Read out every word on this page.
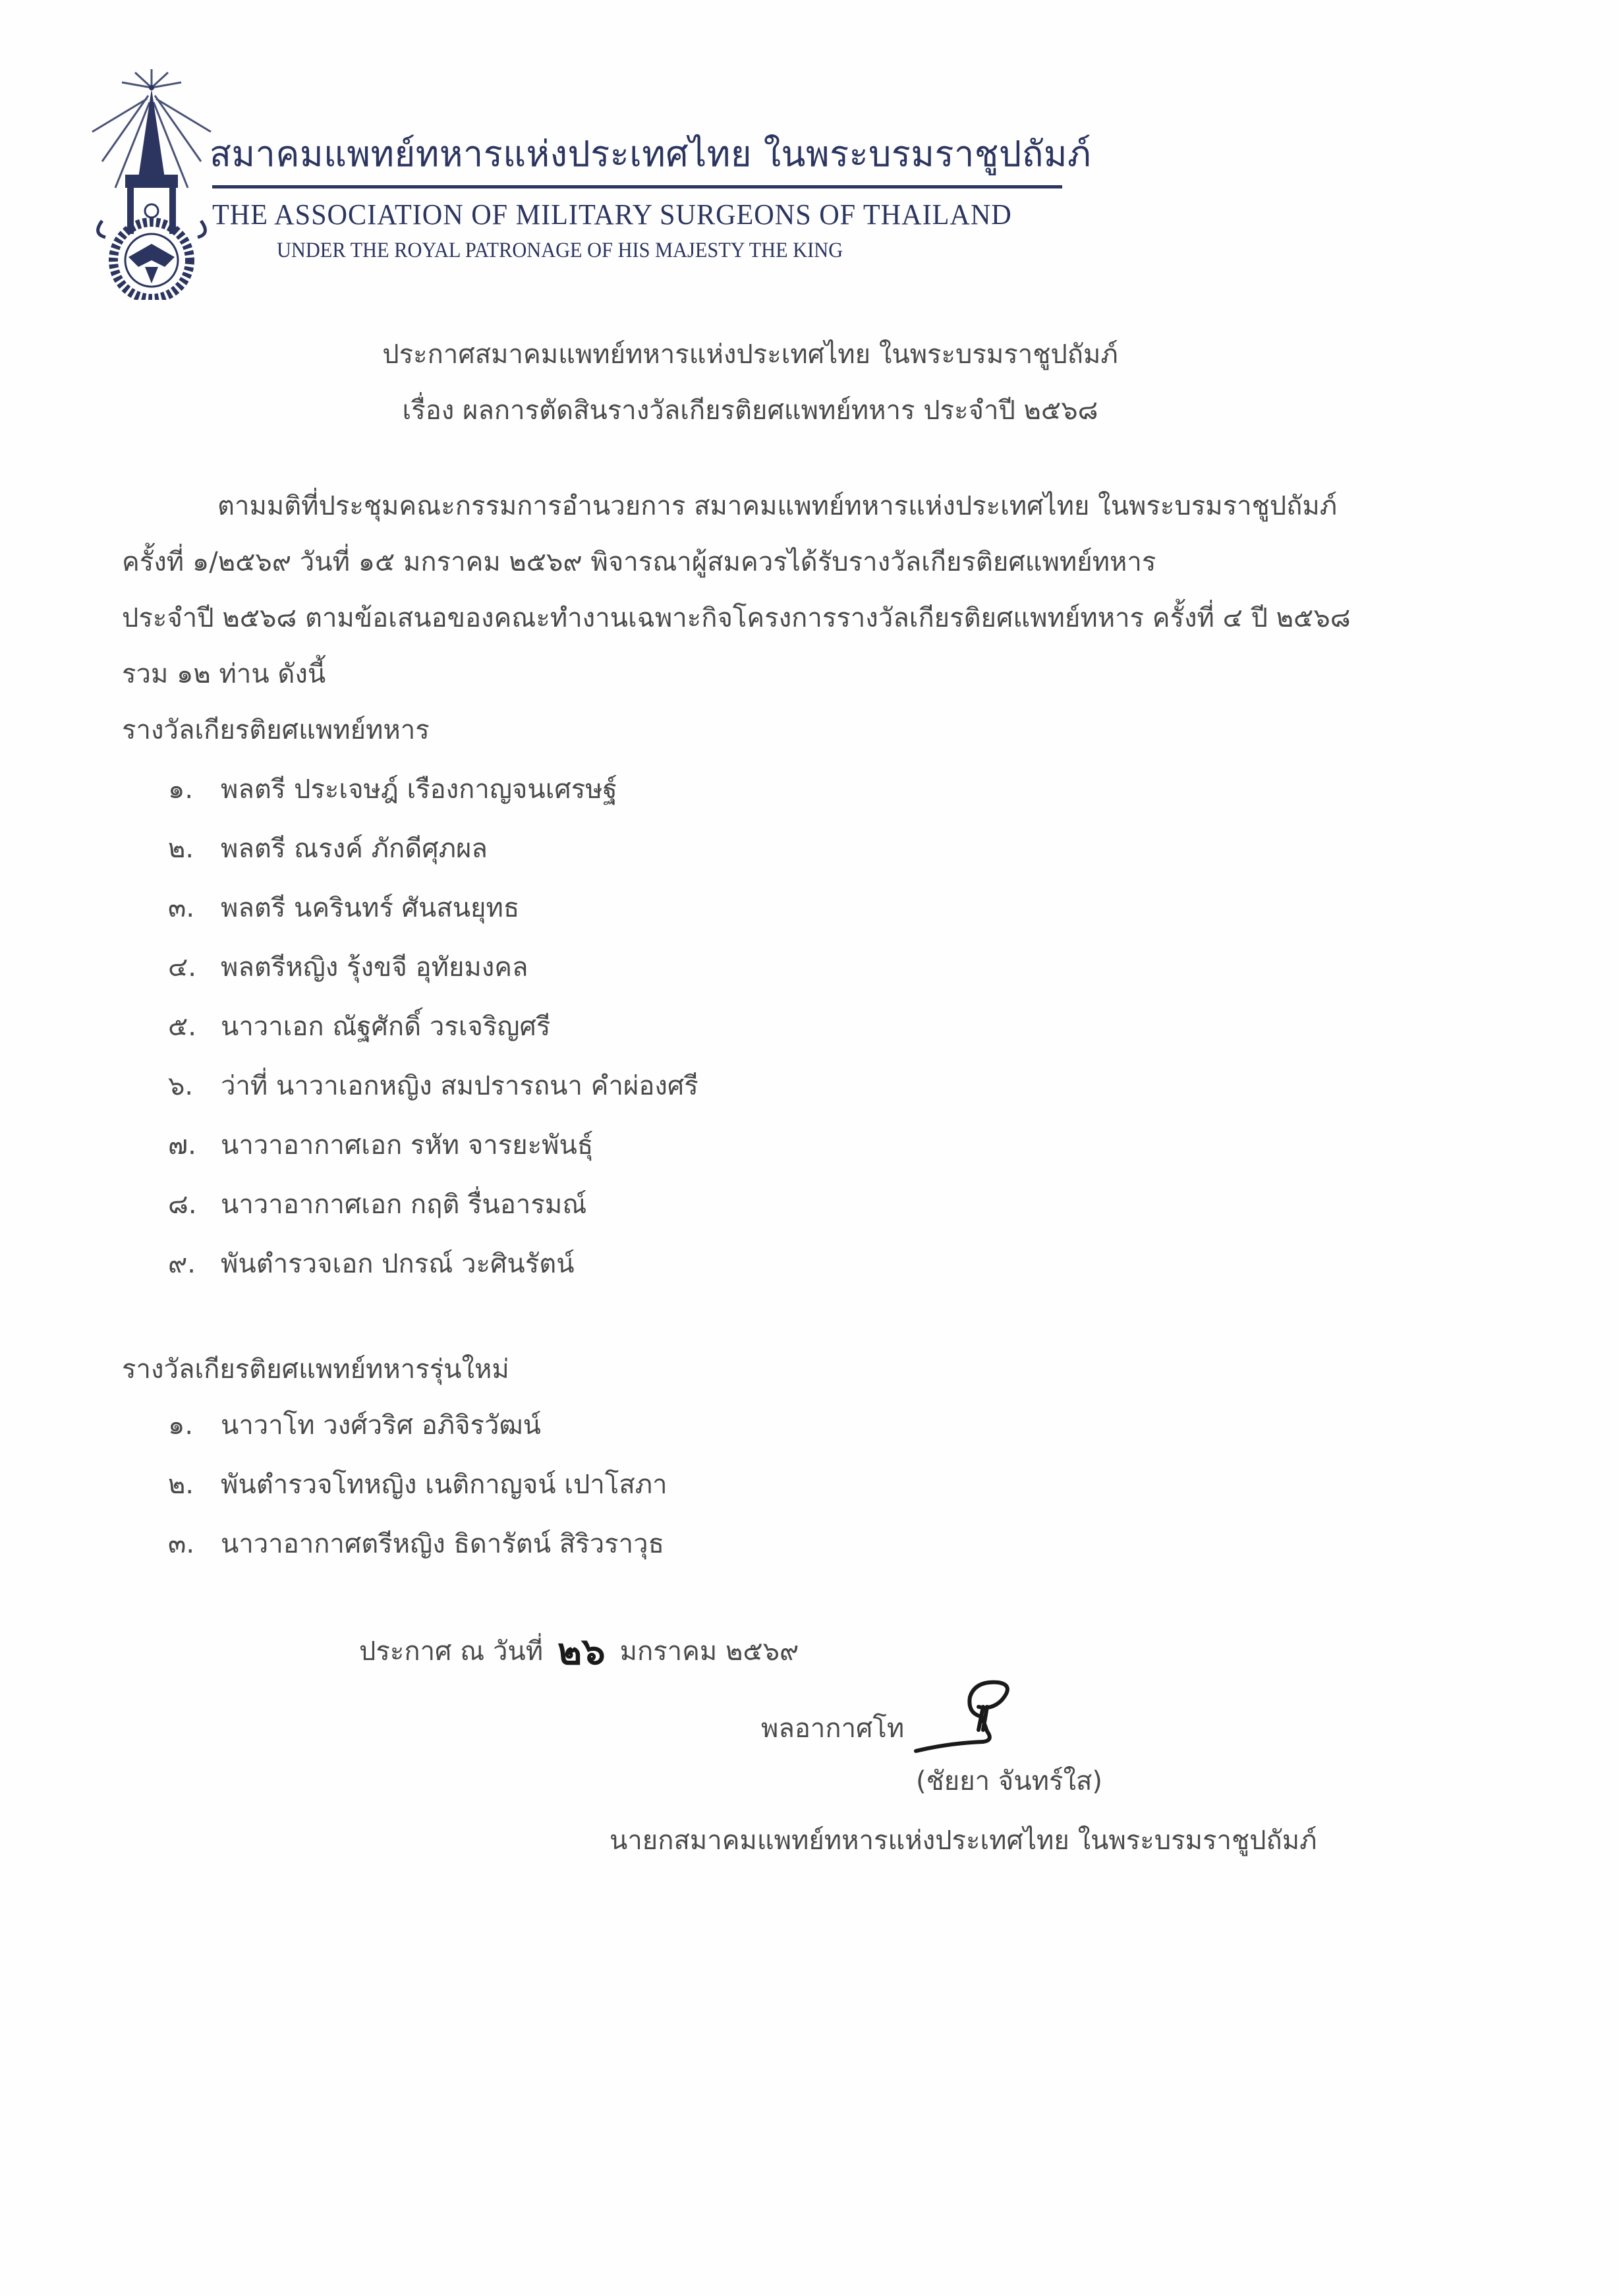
สมาคมแพทย์ทหารแห่งประเทศไทย ในพระบรมราชูปถัมภ์
THE ASSOCIATION OF MILITARY SURGEONS OF THAILAND
UNDER THE ROYAL PATRONAGE OF HIS MAJESTY THE KING
ประกาศสมาคมแพทย์ทหารแห่งประเทศไทย ในพระบรมราชูปถัมภ์
เรื่อง ผลการตัดสินรางวัลเกียรติยศแพทย์ทหาร ประจำปี ๒๕๖๘
ตามมติที่ประชุมคณะกรรมการอำนวยการ สมาคมแพทย์ทหารแห่งประเทศไทย ในพระบรมราชูปถัมภ์
ครั้งที่ ๑/๒๕๖๙ วันที่ ๑๕ มกราคม ๒๕๖๙ พิจารณาผู้สมควรได้รับรางวัลเกียรติยศแพทย์ทหาร
ประจำปี ๒๕๖๘ ตามข้อเสนอของคณะทำงานเฉพาะกิจโครงการรางวัลเกียรติยศแพทย์ทหาร ครั้งที่ ๔ ปี ๒๕๖๘
รวม ๑๒ ท่าน ดังนี้
รางวัลเกียรติยศแพทย์ทหาร
๑.	พลตรี ประเจษฎ์ เรืองกาญจนเศรษฐ์
๒.	พลตรี ณรงค์ ภักดีศุภผล
๓. พลตรี นครินทร์ ศันสนยุทธ
๔. พลตรีหญิง รุ้งขจี อุทัยมงคล
๕. นาวาเอก ณัฐศักดิ์ วรเจริญศรี
๖.	ว่าที่ นาวาเอกหญิง สมปรารถนา คำผ่องศรี
๗. นาวาอากาศเอก รหัท จารยะพันธุ์
๘. นาวาอากาศเอก กฤติ รื่นอารมณ์
๙. พันตำรวจเอก ปกรณ์ วะศินรัตน์
รางวัลเกียรติยศแพทย์ทหารรุ่นใหม่
๑.	นาวาโท วงศ์วริศ อภิจิรวัฒน์
๒.	พันตำรวจโทหญิง เนติกาญจน์ เปาโสภา
๓. นาวาอากาศตรีหญิง ธิดารัตน์ สิริวราวุธ
ประกาศ ณ วันที่ ๒๖ มกราคม ๒๕๖๙
พลอากาศโท
(ชัยยา จันทร์ใส)
นายกสมาคมแพทย์ทหารแห่งประเทศไทย ในพระบรมราชูปถัมภ์
